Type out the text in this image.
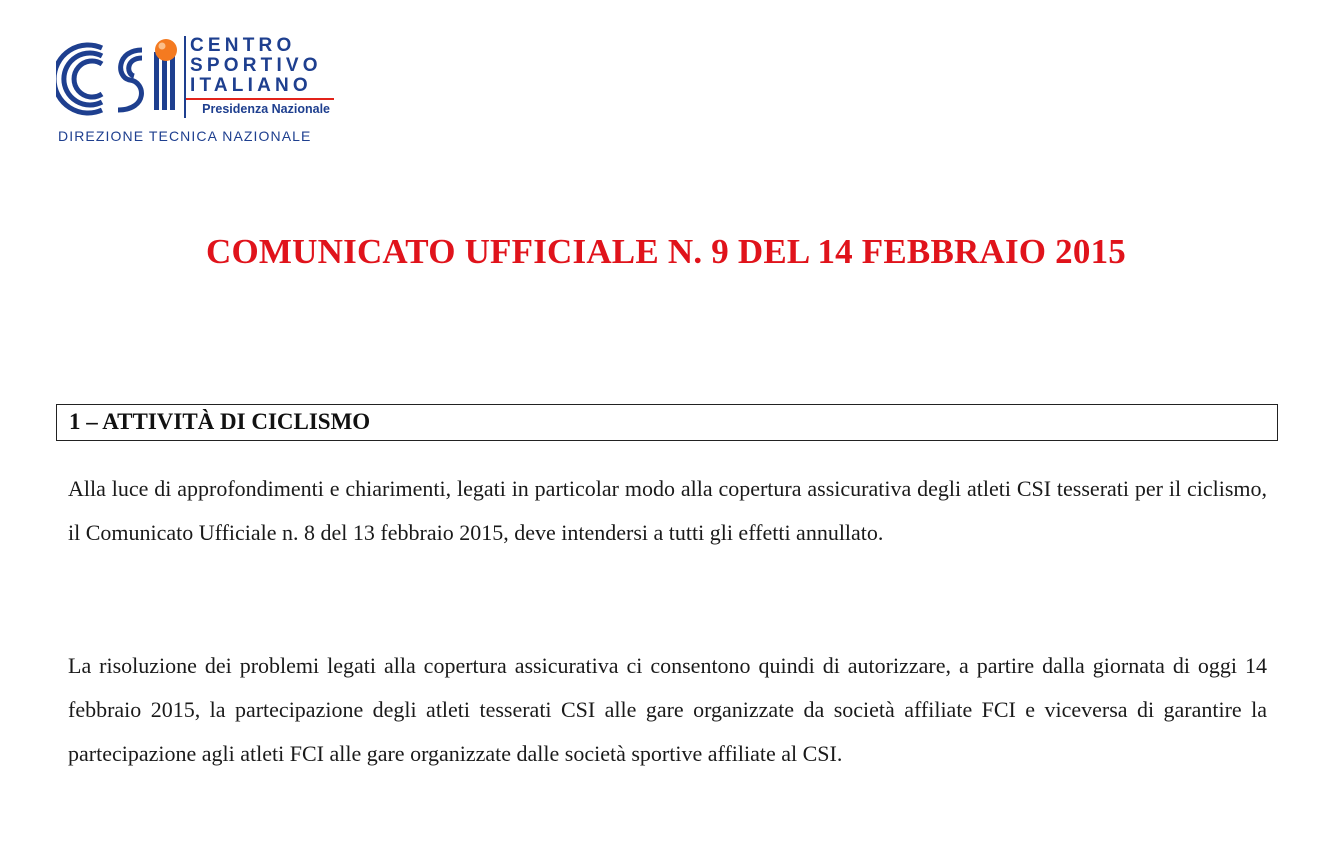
CENTRO
SPORTIVO
ITALIANO
Presidenza Nazionale
DIREZIONE TECNICA NAZIONALE
COMUNICATO UFFICIALE N. 9 DEL 14 FEBBRAIO 2015
1 – ATTIVITÀ DI CICLISMO

Alla luce di approfondimenti e chiarimenti, legati in particolar modo alla copertura assicurativa degli atleti CSI tesserati per il ciclismo, il Comunicato Ufficiale n. 8 del 13 febbraio 2015, deve intendersi a tutti gli effetti annullato.

La risoluzione dei problemi legati alla copertura assicurativa ci consentono quindi di autorizzare, a partire dalla giornata di oggi 14 febbraio 2015, la partecipazione degli atleti tesserati CSI alle gare organizzate da società affiliate FCI e viceversa di garantire la partecipazione agli atleti FCI alle gare organizzate dalle società sportive affiliate al CSI.
